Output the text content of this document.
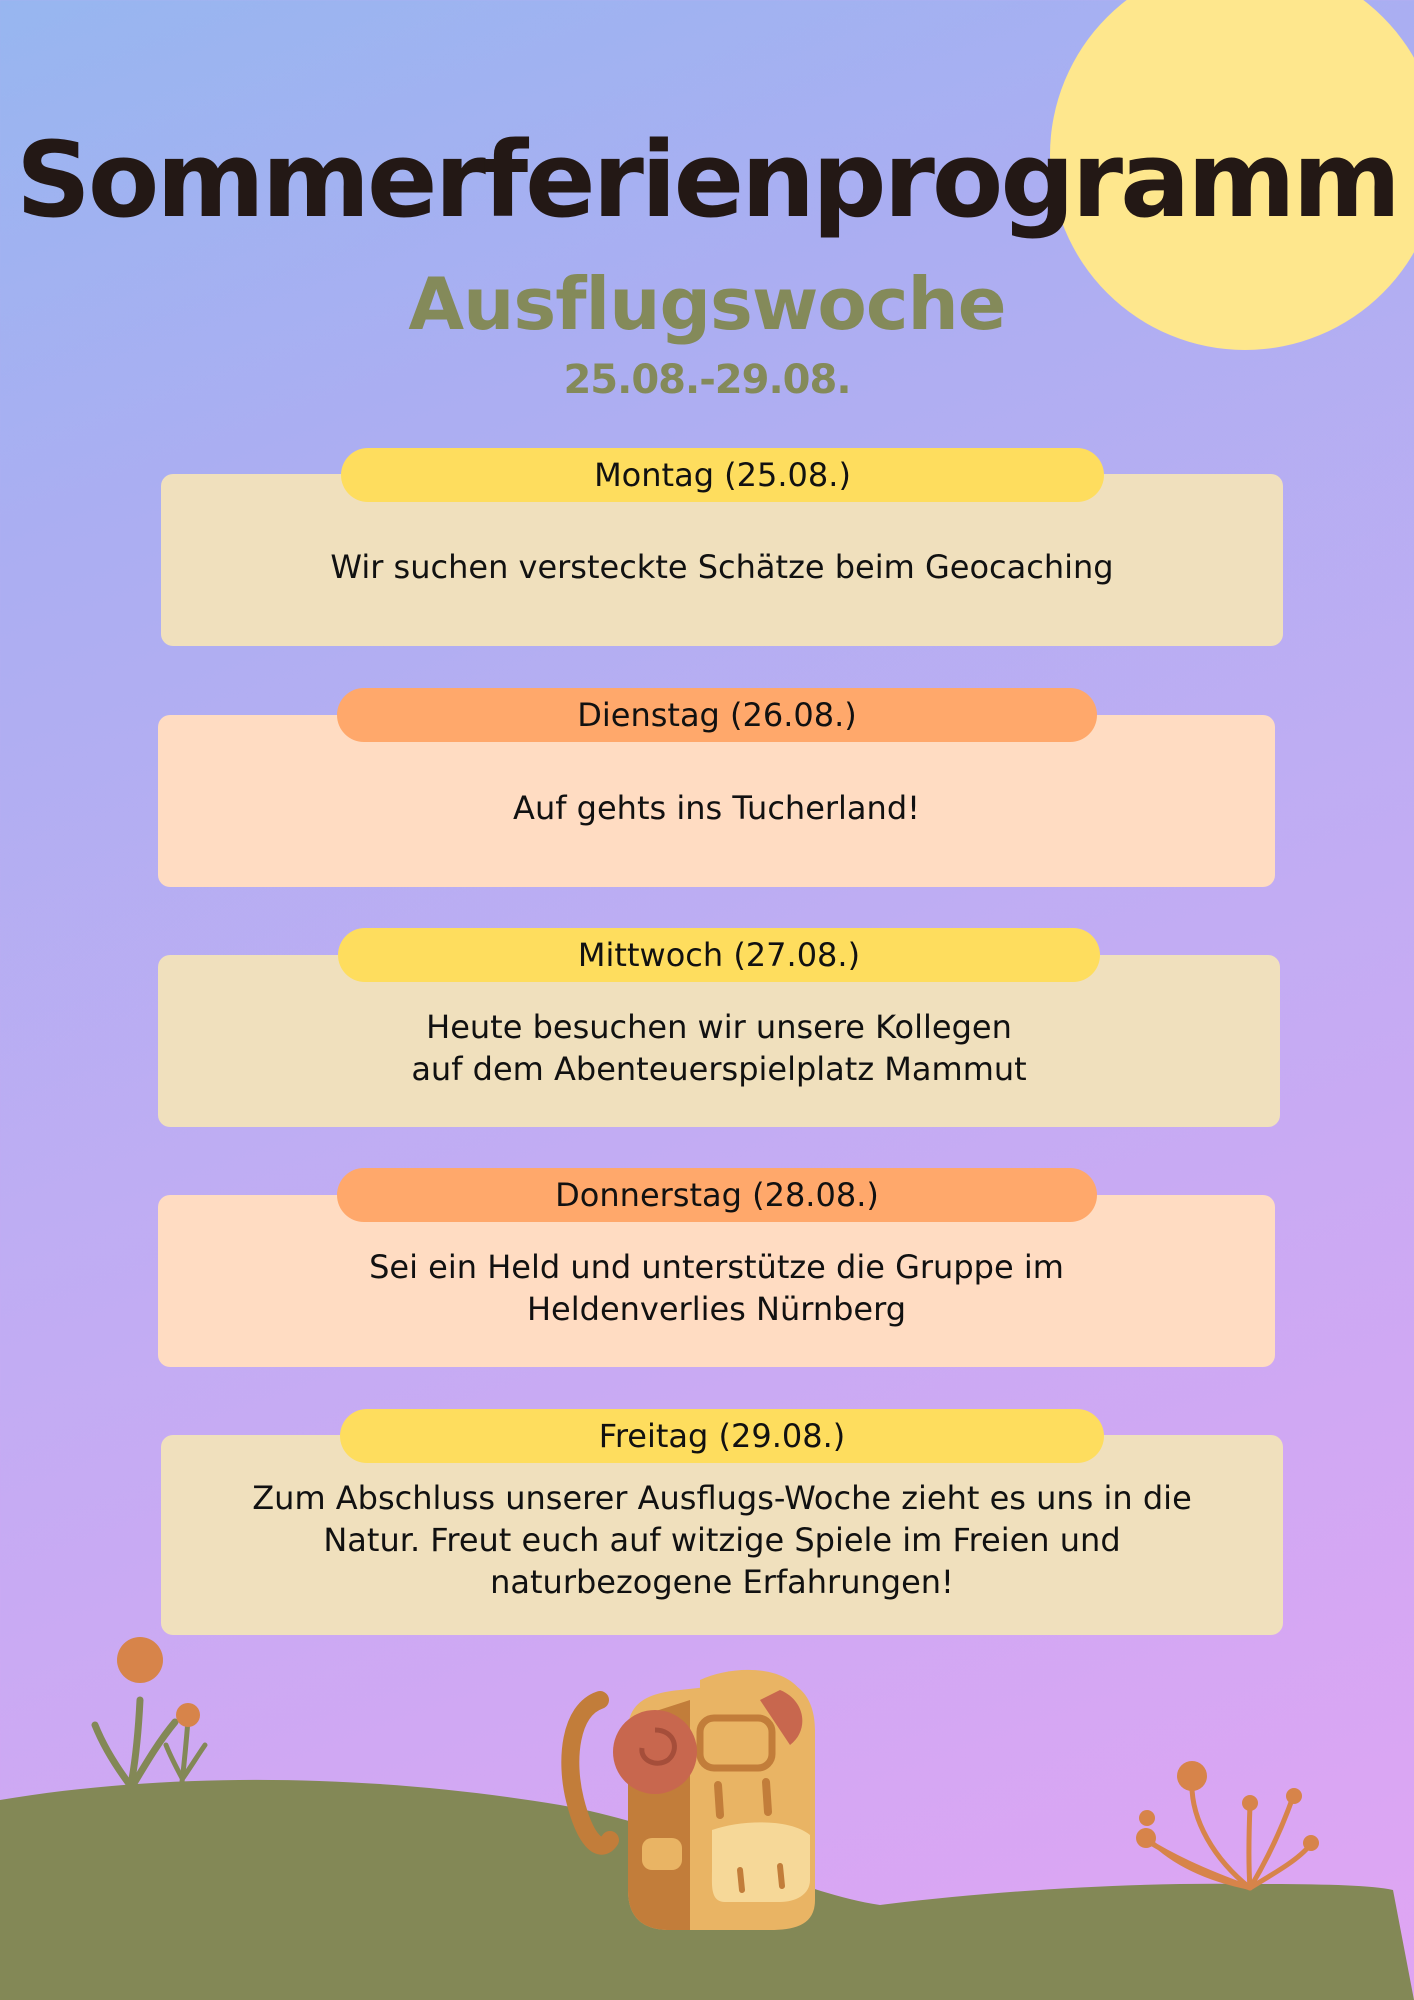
Sommerferienprogramm
Ausflugswoche
25.08.-29.08.
Wir suchen versteckte Schätze beim Geocaching
Montag (25.08.)
Auf gehts ins Tucherland!
Dienstag (26.08.)
Heute besuchen wir unsere Kollegen
auf dem Abenteuerspielplatz Mammut
Mittwoch (27.08.)
Sei ein Held und unterstütze die Gruppe im
Heldenverlies Nürnberg
Donnerstag (28.08.)
Zum Abschluss unserer Ausflugs-Woche zieht es uns in die
Natur. Freut euch auf witzige Spiele im Freien und
naturbezogene Erfahrungen!
Freitag (29.08.)
